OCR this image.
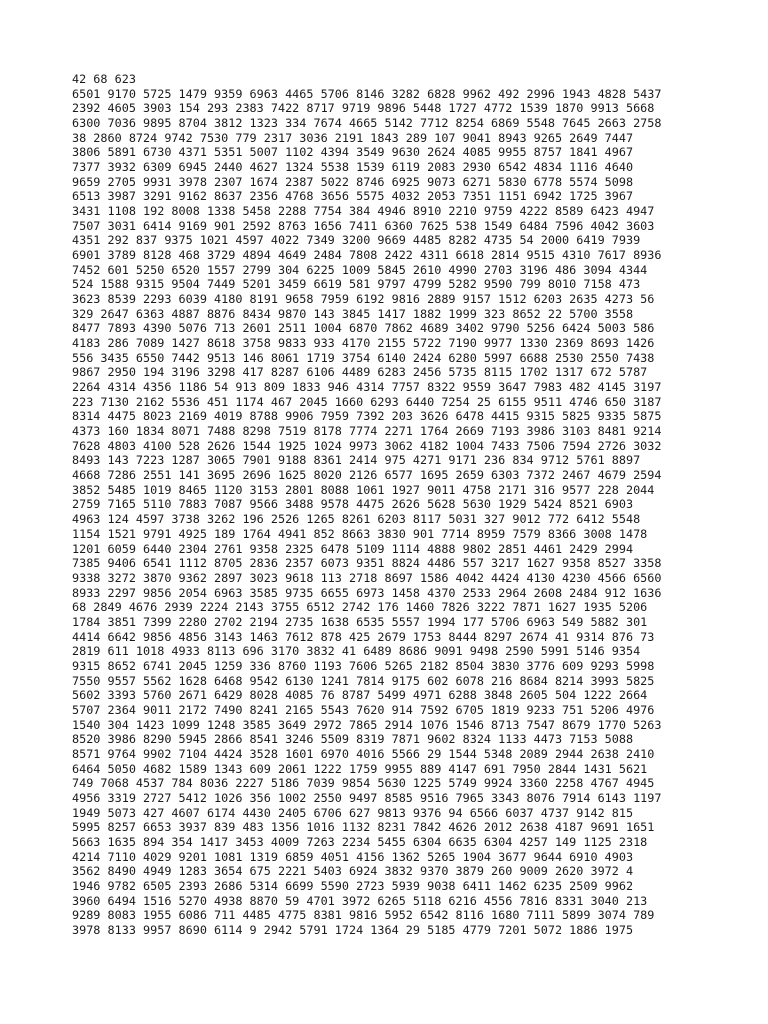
42 68 623
6501 9170 5725 1479 9359 6963 4465 5706 8146 3282 6828 9962 492 2996 1943 4828 5437
2392 4605 3903 154 293 2383 7422 8717 9719 9896 5448 1727 4772 1539 1870 9913 5668
6300 7036 9895 8704 3812 1323 334 7674 4665 5142 7712 8254 6869 5548 7645 2663 2758
38 2860 8724 9742 7530 779 2317 3036 2191 1843 289 107 9041 8943 9265 2649 7447
3806 5891 6730 4371 5351 5007 1102 4394 3549 9630 2624 4085 9955 8757 1841 4967
7377 3932 6309 6945 2440 4627 1324 5538 1539 6119 2083 2930 6542 4834 1116 4640
9659 2705 9931 3978 2307 1674 2387 5022 8746 6925 9073 6271 5830 6778 5574 5098
6513 3987 3291 9162 8637 2356 4768 3656 5575 4032 2053 7351 1151 6942 1725 3967
3431 1108 192 8008 1338 5458 2288 7754 384 4946 8910 2210 9759 4222 8589 6423 4947
7507 3031 6414 9169 901 2592 8763 1656 7411 6360 7625 538 1549 6484 7596 4042 3603
4351 292 837 9375 1021 4597 4022 7349 3200 9669 4485 8282 4735 54 2000 6419 7939
6901 3789 8128 468 3729 4894 4649 2484 7808 2422 4311 6618 2814 9515 4310 7617 8936
7452 601 5250 6520 1557 2799 304 6225 1009 5845 2610 4990 2703 3196 486 3094 4344
524 1588 9315 9504 7449 5201 3459 6619 581 9797 4799 5282 9590 799 8010 7158 473
3623 8539 2293 6039 4180 8191 9658 7959 6192 9816 2889 9157 1512 6203 2635 4273 56
329 2647 6363 4887 8876 8434 9870 143 3845 1417 1882 1999 323 8652 22 5700 3558
8477 7893 4390 5076 713 2601 2511 1004 6870 7862 4689 3402 9790 5256 6424 5003 586
4183 286 7089 1427 8618 3758 9833 933 4170 2155 5722 7190 9977 1330 2369 8693 1426
556 3435 6550 7442 9513 146 8061 1719 3754 6140 2424 6280 5997 6688 2530 2550 7438
9867 2950 194 3196 3298 417 8287 6106 4489 6283 2456 5735 8115 1702 1317 672 5787
2264 4314 4356 1186 54 913 809 1833 946 4314 7757 8322 9559 3647 7983 482 4145 3197
223 7130 2162 5536 451 1174 467 2045 1660 6293 6440 7254 25 6155 9511 4746 650 3187
8314 4475 8023 2169 4019 8788 9906 7959 7392 203 3626 6478 4415 9315 5825 9335 5875
4373 160 1834 8071 7488 8298 7519 8178 7774 2271 1764 2669 7193 3986 3103 8481 9214
7628 4803 4100 528 2626 1544 1925 1024 9973 3062 4182 1004 7433 7506 7594 2726 3032
8493 143 7223 1287 3065 7901 9188 8361 2414 975 4271 9171 236 834 9712 5761 8897
4668 7286 2551 141 3695 2696 1625 8020 2126 6577 1695 2659 6303 7372 2467 4679 2594
3852 5485 1019 8465 1120 3153 2801 8088 1061 1927 9011 4758 2171 316 9577 228 2044
2759 7165 5110 7883 7087 9566 3488 9578 4475 2626 5628 5630 1929 5424 8521 6903
4963 124 4597 3738 3262 196 2526 1265 8261 6203 8117 5031 327 9012 772 6412 5548
1154 1521 9791 4925 189 1764 4941 852 8663 3830 901 7714 8959 7579 8366 3008 1478
1201 6059 6440 2304 2761 9358 2325 6478 5109 1114 4888 9802 2851 4461 2429 2994
7385 9406 6541 1112 8705 2836 2357 6073 9351 8824 4486 557 3217 1627 9358 8527 3358
9338 3272 3870 9362 2897 3023 9618 113 2718 8697 1586 4042 4424 4130 4230 4566 6560
8933 2297 9856 2054 6963 3585 9735 6655 6973 1458 4370 2533 2964 2608 2484 912 1636
68 2849 4676 2939 2224 2143 3755 6512 2742 176 1460 7826 3222 7871 1627 1935 5206
1784 3851 7399 2280 2702 2194 2735 1638 6535 5557 1994 177 5706 6963 549 5882 301
4414 6642 9856 4856 3143 1463 7612 878 425 2679 1753 8444 8297 2674 41 9314 876 73
2819 611 1018 4933 8113 696 3170 3832 41 6489 8686 9091 9498 2590 5991 5146 9354
9315 8652 6741 2045 1259 336 8760 1193 7606 5265 2182 8504 3830 3776 609 9293 5998
7550 9557 5562 1628 6468 9542 6130 1241 7814 9175 602 6078 216 8684 8214 3993 5825
5602 3393 5760 2671 6429 8028 4085 76 8787 5499 4971 6288 3848 2605 504 1222 2664
5707 2364 9011 2172 7490 8241 2165 5543 7620 914 7592 6705 1819 9233 751 5206 4976
1540 304 1423 1099 1248 3585 3649 2972 7865 2914 1076 1546 8713 7547 8679 1770 5263
8520 3986 8290 5945 2866 8541 3246 5509 8319 7871 9602 8324 1133 4473 7153 5088
8571 9764 9902 7104 4424 3528 1601 6970 4016 5566 29 1544 5348 2089 2944 2638 2410
6464 5050 4682 1589 1343 609 2061 1222 1759 9955 889 4147 691 7950 2844 1431 5621
749 7068 4537 784 8036 2227 5186 7039 9854 5630 1225 5749 9924 3360 2258 4767 4945
4956 3319 2727 5412 1026 356 1002 2550 9497 8585 9516 7965 3343 8076 7914 6143 1197
1949 5073 427 4607 6174 4430 2405 6706 627 9813 9376 94 6566 6037 4737 9142 815
5995 8257 6653 3937 839 483 1356 1016 1132 8231 7842 4626 2012 2638 4187 9691 1651
5663 1635 894 354 1417 3453 4009 7263 2234 5455 6304 6635 6304 4257 149 1125 2318
4214 7110 4029 9201 1081 1319 6859 4051 4156 1362 5265 1904 3677 9644 6910 4903
3562 8490 4949 1283 3654 675 2221 5403 6924 3832 9370 3879 260 9009 2620 3972 4
1946 9782 6505 2393 2686 5314 6699 5590 2723 5939 9038 6411 1462 6235 2509 9962
3960 6494 1516 5270 4938 8870 59 4701 3972 6265 5118 6216 4556 7816 8331 3040 213
9289 8083 1955 6086 711 4485 4775 8381 9816 5952 6542 8116 1680 7111 5899 3074 789
3978 8133 9957 8690 6114 9 2942 5791 1724 1364 29 5185 4779 7201 5072 1886 1975
